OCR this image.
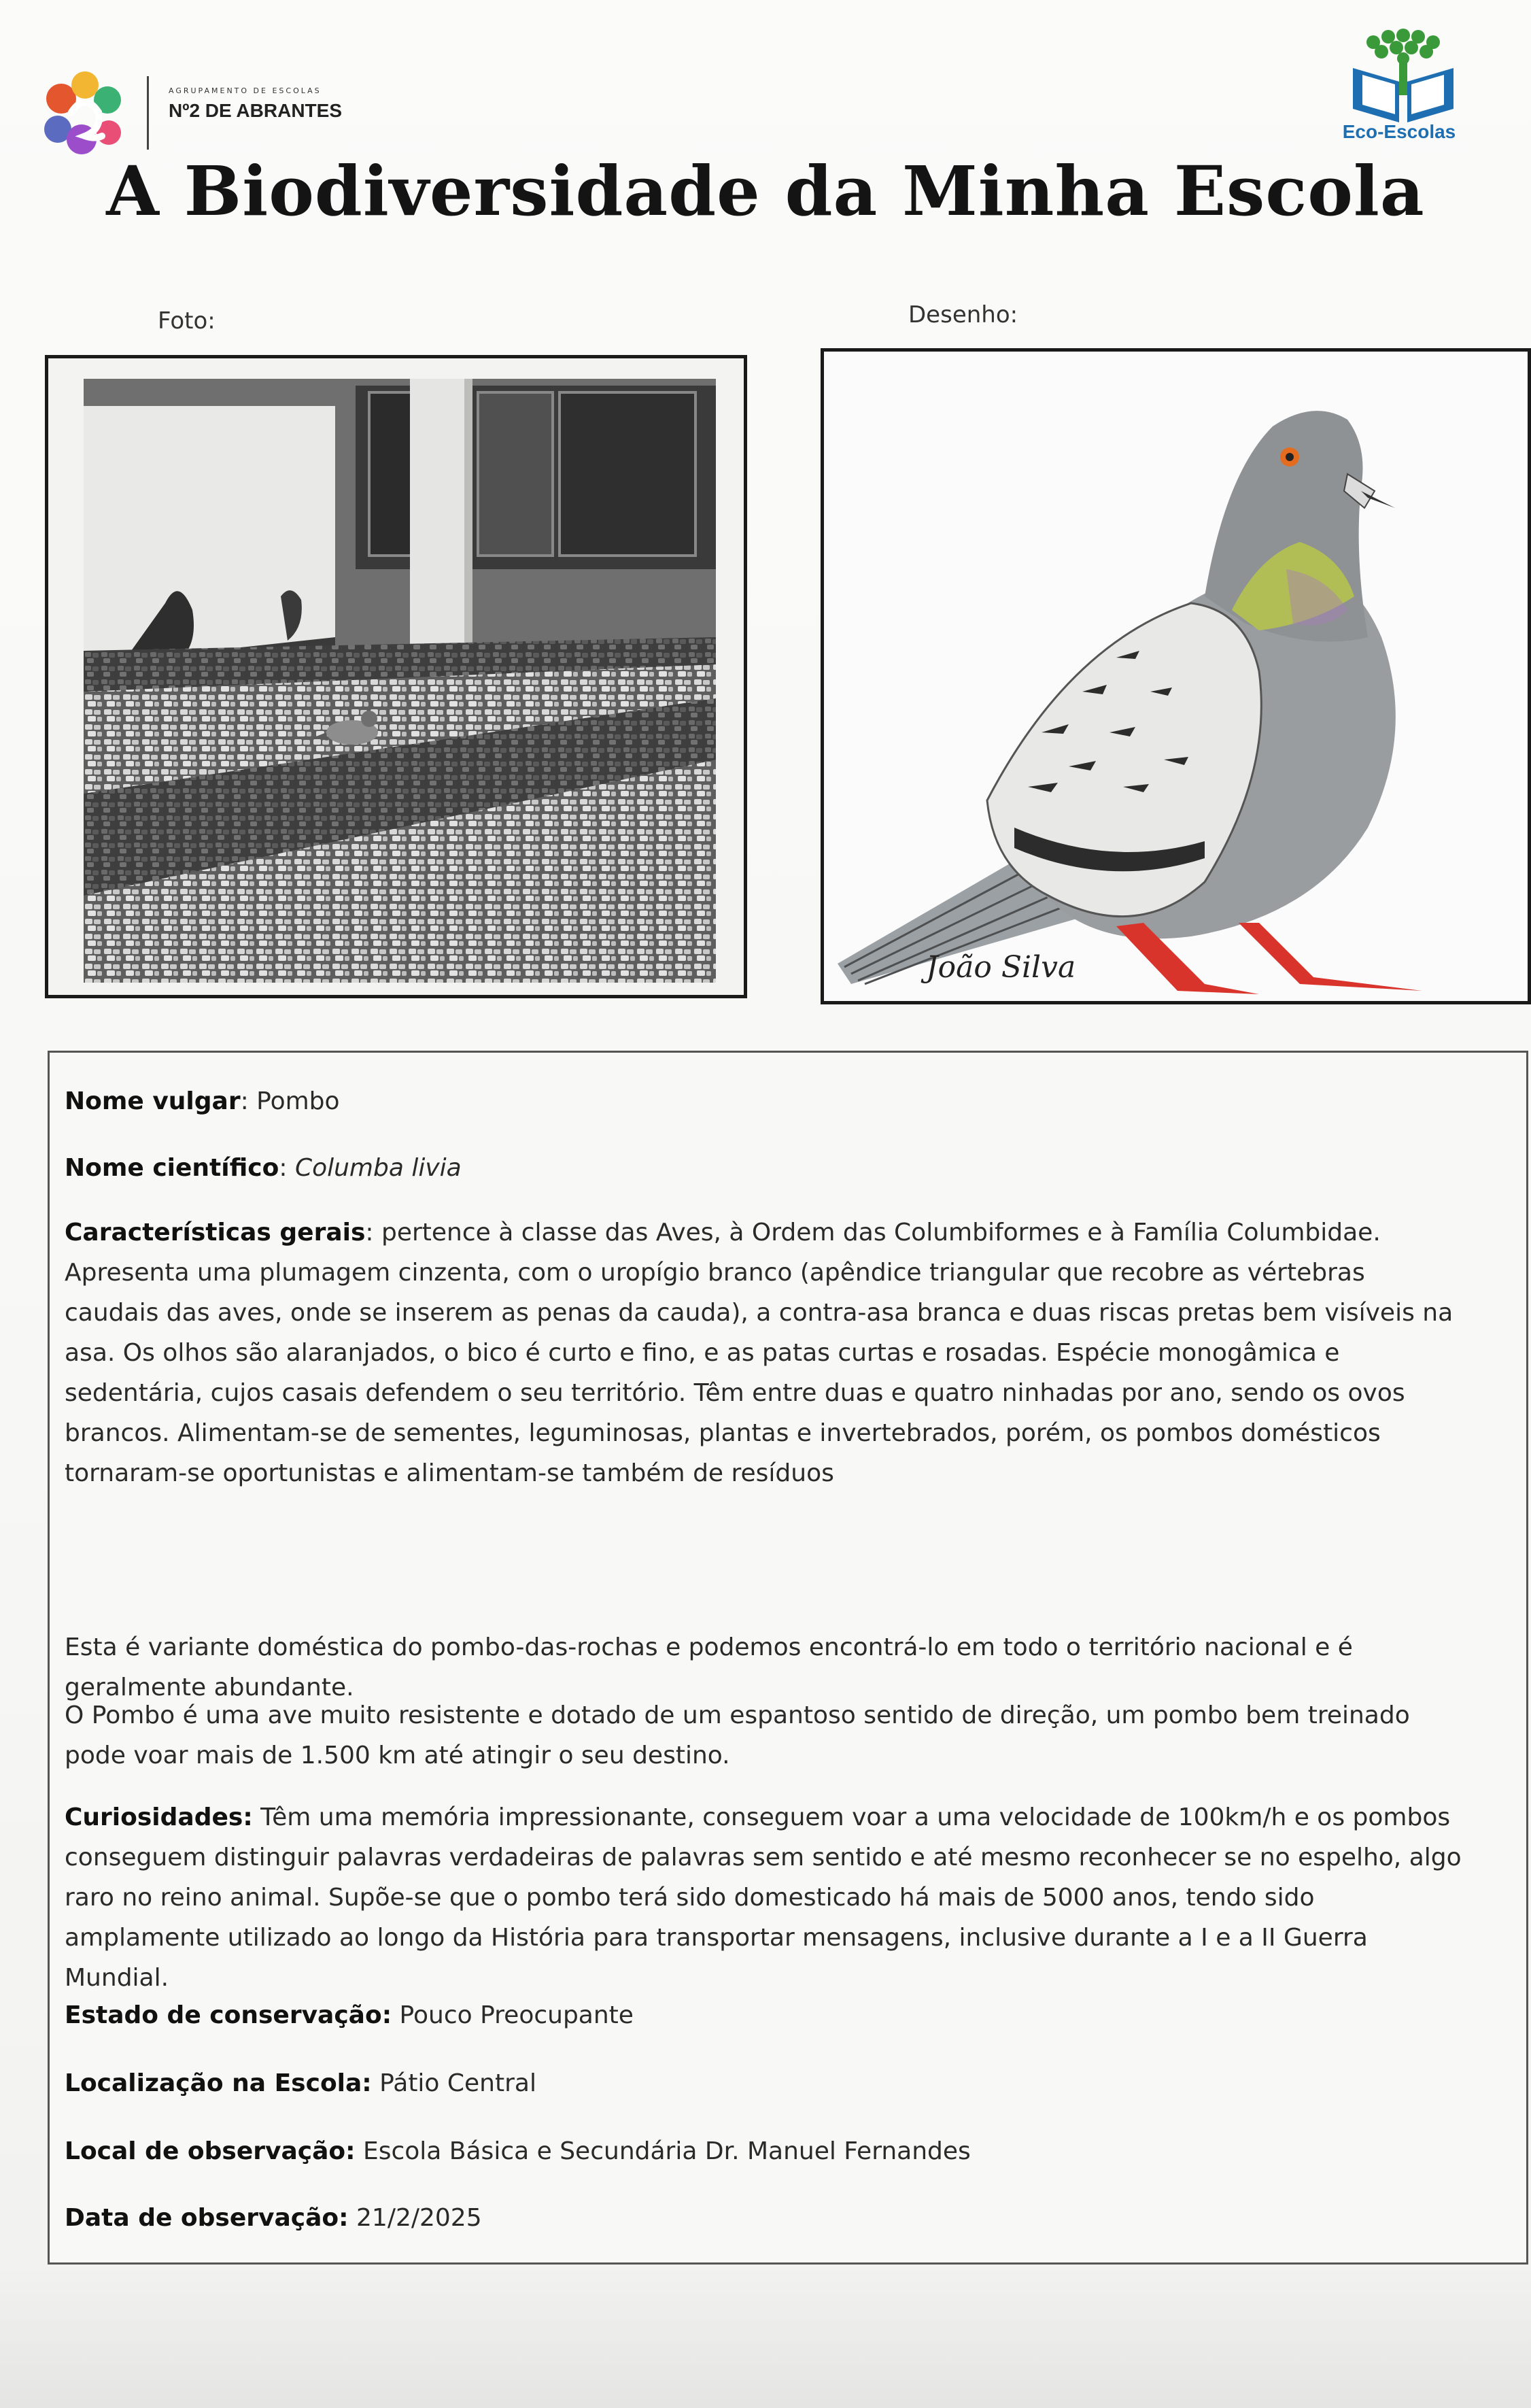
AGRUPAMENTO DE ESCOLAS
Nº2 DE ABRANTES
Eco-Escolas
A Biodiversidade da Minha Escola
Foto:	Desenho:
João Silva

Nome vulgar: Pombo

Nome científico: Columba livia

Características gerais: pertence à classe das Aves, à Ordem das Columbiformes e à Família Columbidae. Apresenta uma plumagem cinzenta, com o uropígio branco (apêndice triangular que recobre as vértebras caudais das aves, onde se inserem as penas da cauda), a contra-asa branca e duas riscas pretas bem visíveis na asa. Os olhos são alaranjados, o bico é curto e fino, e as patas curtas e rosadas. Espécie monogâmica e sedentária, cujos casais defendem o seu território. Têm entre duas e quatro ninhadas por ano, sendo os ovos brancos. Alimentam-se de sementes, leguminosas, plantas e invertebrados, porém, os pombos domésticos tornaram-se oportunistas e alimentam-se também de resíduos

Esta é variante doméstica do pombo-das-rochas e podemos encontrá-lo em todo o território nacional e é geralmente abundante.

O Pombo é uma ave muito resistente e dotado de um espantoso sentido de direção, um pombo bem treinado pode voar mais de 1.500 km até atingir o seu destino.

Curiosidades: Têm uma memória impressionante, conseguem voar a uma velocidade de 100km/h e os pombos conseguem distinguir palavras verdadeiras de palavras sem sentido e até mesmo reconhecer se no espelho, algo raro no reino animal. Supõe-se que o pombo terá sido domesticado há mais de 5000 anos, tendo sido amplamente utilizado ao longo da História para transportar mensagens, inclusive durante a I e a II Guerra Mundial.

Estado de conservação: Pouco Preocupante

Localização na Escola: Pátio Central

Local de observação: Escola Básica e Secundária Dr. Manuel Fernandes

Data de observação: 21/2/2025
